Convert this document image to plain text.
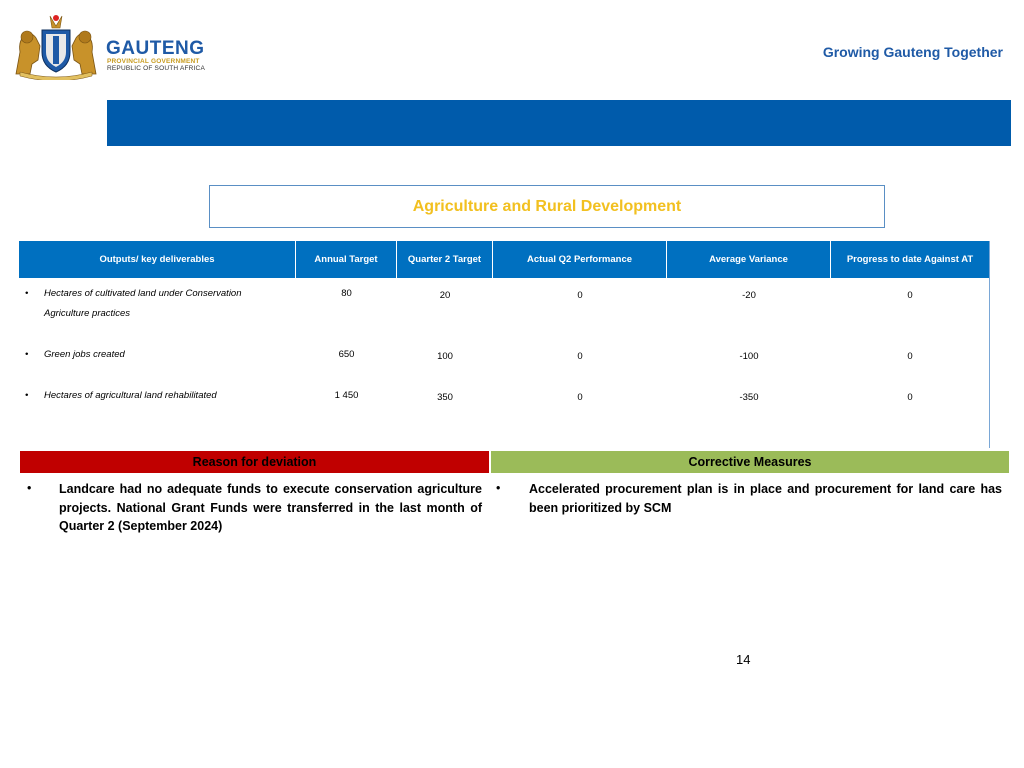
GAUTENG
PROVINCIAL GOVERNMENT
REPUBLIC OF SOUTH AFRICA
Growing Gauteng Together
Agriculture and Rural Development
Outputs/ key deliverables	Annual Target	Quarter 2 Target	Actual Q2 Performance	Average Variance	Progress to date Against AT
• Hectares of cultivated land under Conservation
Agriculture practices
80	20	0	-20	0
• Green jobs created	650	100	0	-100	0
• Hectares of agricultural land rehabilitated	1 450	350	0	-350	0
Reason for deviation	Corrective Measures
• Landcare had no adequate funds to execute conservation agriculture projects. National Grant Funds were transferred in the last month of Quarter 2 (September 2024)
• Accelerated procurement plan is in place and procurement for land care has been prioritized by SCM
14
